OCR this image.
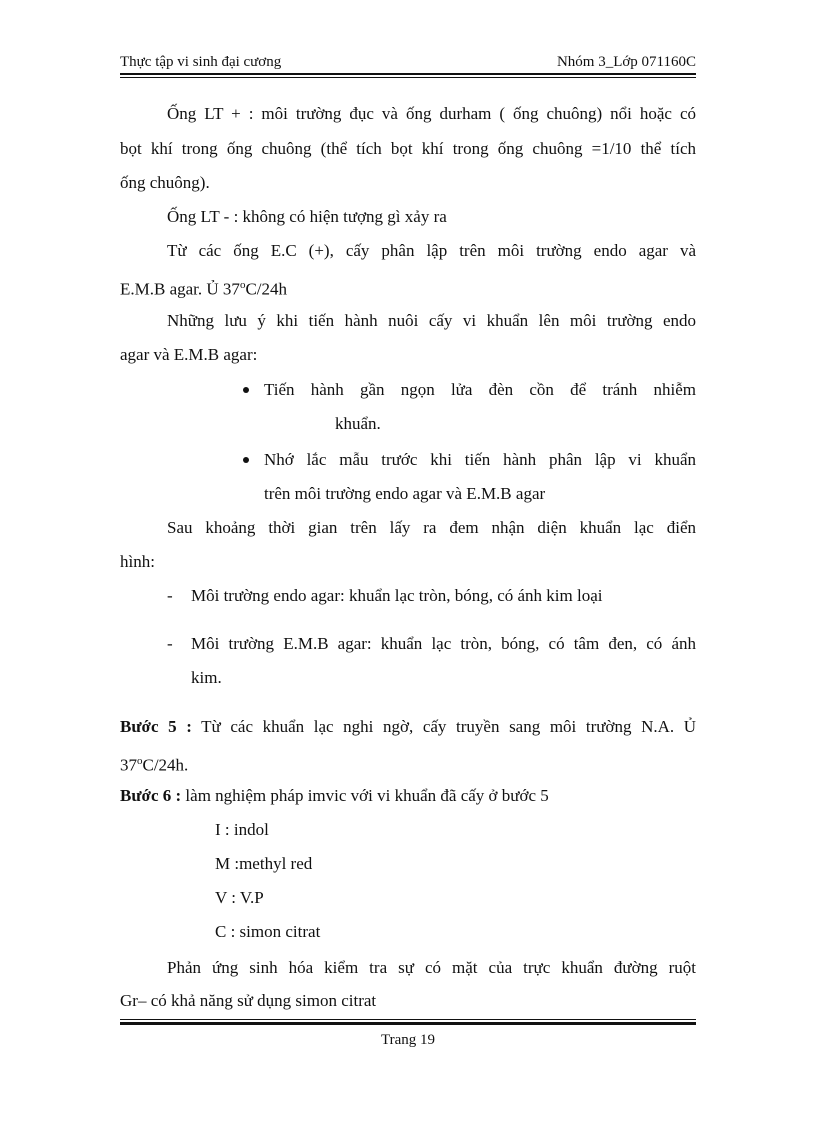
Thực tập vi sinh đại cương	Nhóm 3_Lớp 071160C
Ống LT + : môi trường đục và ống durham ( ống chuông) nổi hoặc có
bọt khí trong ống chuông (thể tích bọt khí trong ống chuông =1/10 thể tích
ống chuông).
Ống LT - : không có hiện tượng gì xảy ra
Từ các ống E.C (+), cấy phân lập trên môi trường endo agar và
E.M.B agar. Ủ 37$^o$C/24h
Những lưu ý khi tiến hành nuôi cấy vi khuẩn lên môi trường endo
agar và E.M.B agar:
Tiến hành gần ngọn lửa đèn cồn để tránh nhiễm
khuẩn.
Nhớ lắc mẫu trước khi tiến hành phân lập vi khuẩn
trên môi trường endo agar và E.M.B agar
Sau khoảng thời gian trên lấy ra đem nhận diện khuẩn lạc điển
hình:
- Môi trường endo agar: khuẩn lạc tròn, bóng, có ánh kim loại
- Môi trường E.M.B agar: khuẩn lạc tròn, bóng, có tâm đen, có ánh
kim.
Bước 5 : Từ các khuẩn lạc nghi ngờ, cấy truyền sang môi trường N.A. Ủ
37$^o$C/24h.
Bước 6 : làm nghiệm pháp imvic với vi khuẩn đã cấy ở bước 5
I : indol
M :methyl red
V : V.P
C : simon citrat
Phản ứng sinh hóa kiểm tra sự có mặt của trực khuẩn đường ruột
Gr– có khả năng sử dụng simon citrat
Trang 19
